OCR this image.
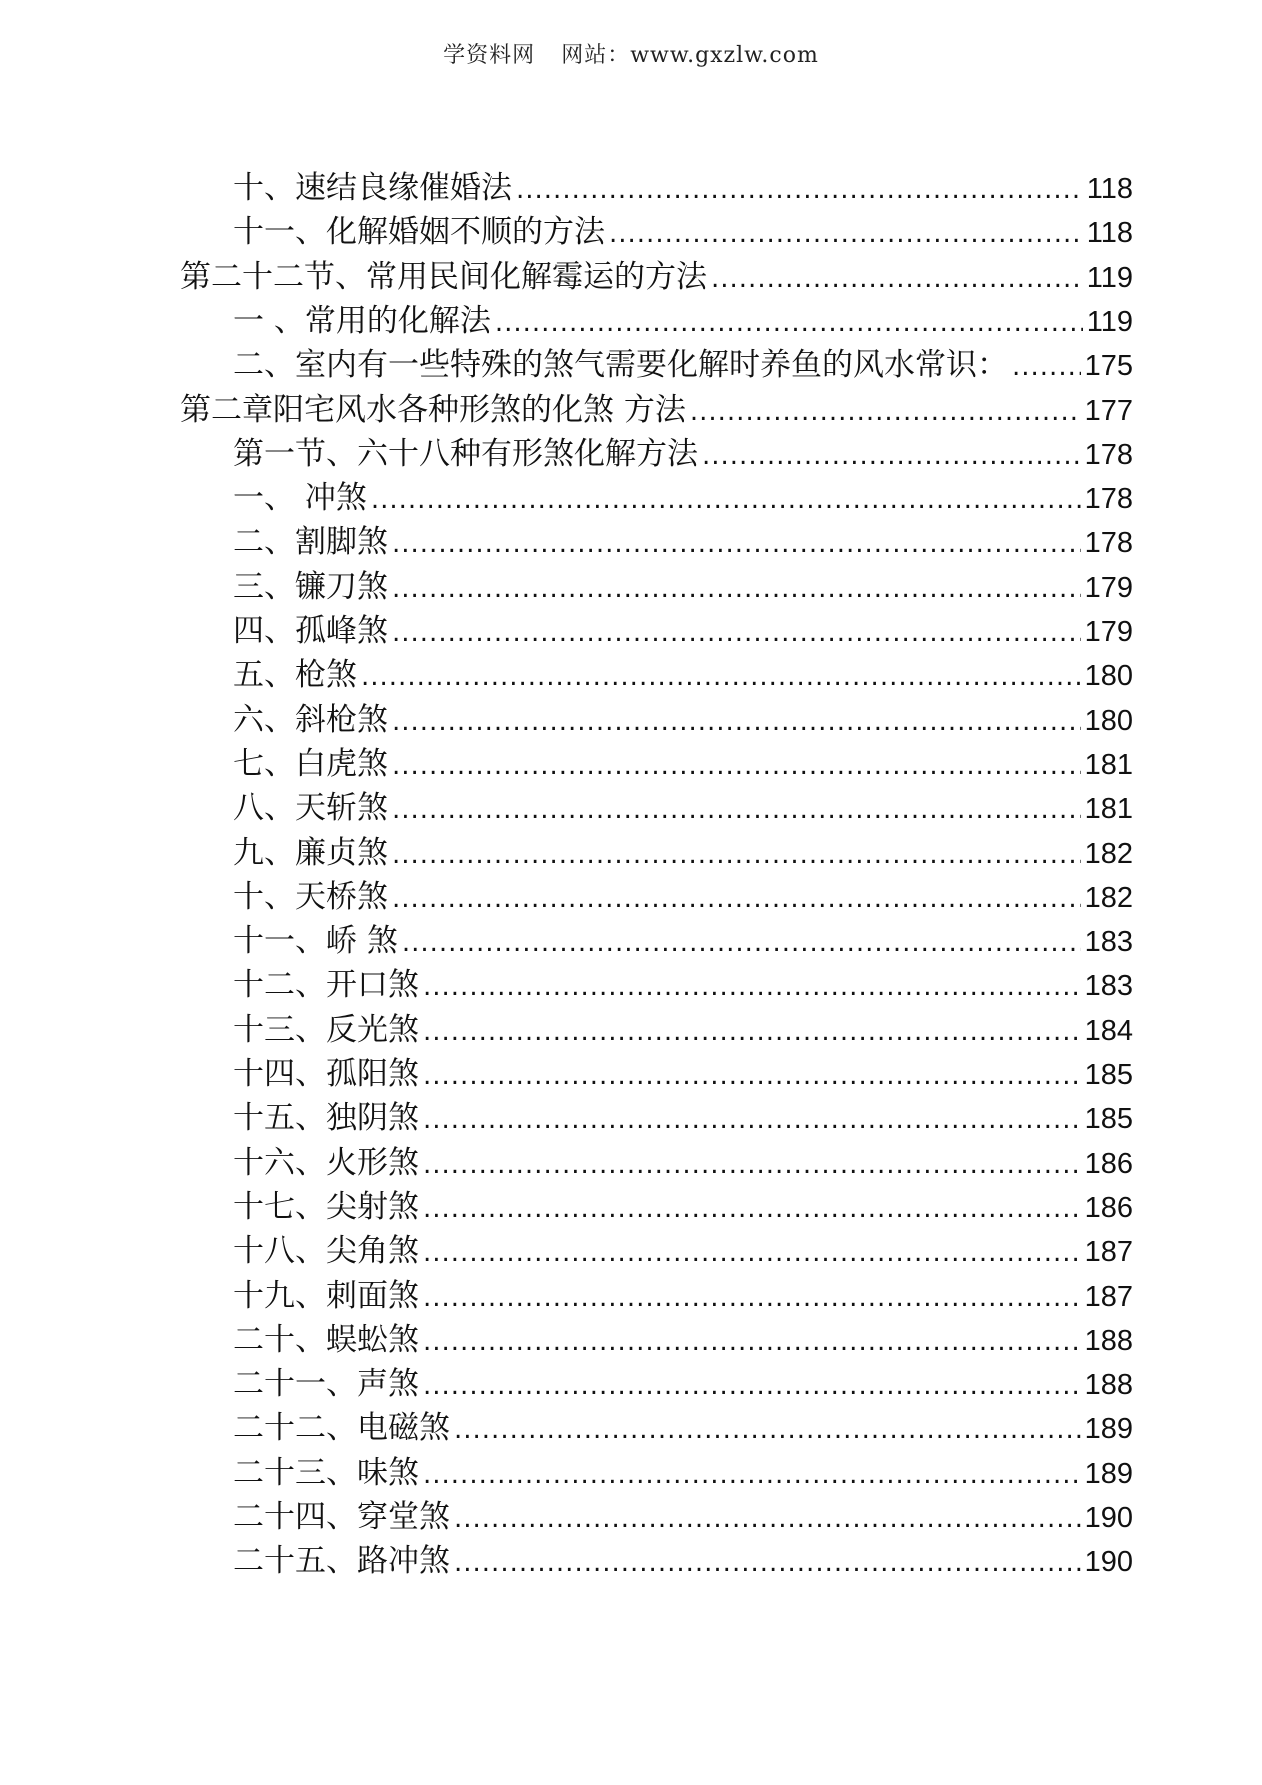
学资料网 网站：www.gxzlw.com
十、速结良缘催婚法 .....	118
十一、化解婚姻不顺的方法 .....	118
第二十二节、常用民间化解霉运的方法 .....	119
一 、常用的化解法 .....	119
二、室内有一些特殊的煞气需要化解时养鱼的风水常识： .....	175
第二章阳宅风水各种形煞的化煞 方法 .....	177
第一节、六十八种有形煞化解方法 .....	178
一、 冲煞 .....	178
二、割脚煞 .....	178
三、镰刀煞 .....	179
四、孤峰煞 .....	179
五、枪煞 .....	180
六、斜枪煞 .....	180
七、白虎煞 .....	181
八、天斩煞 .....	181
九、廉贞煞 .....	182
十、天桥煞 .....	182
十一、峤 煞 .....	183
十二、开口煞 .....	183
十三、反光煞 .....	184
十四、孤阳煞 .....	185
十五、独阴煞 .....	185
十六、火形煞 .....	186
十七、尖射煞 .....	186
十八、尖角煞 .....	187
十九、刺面煞 .....	187
二十、蜈蚣煞 .....	188
二十一、声煞 .....	188
二十二、电磁煞 .....	189
二十三、味煞 .....	189
二十四、穿堂煞 .....	190
二十五、路冲煞 .....	190
